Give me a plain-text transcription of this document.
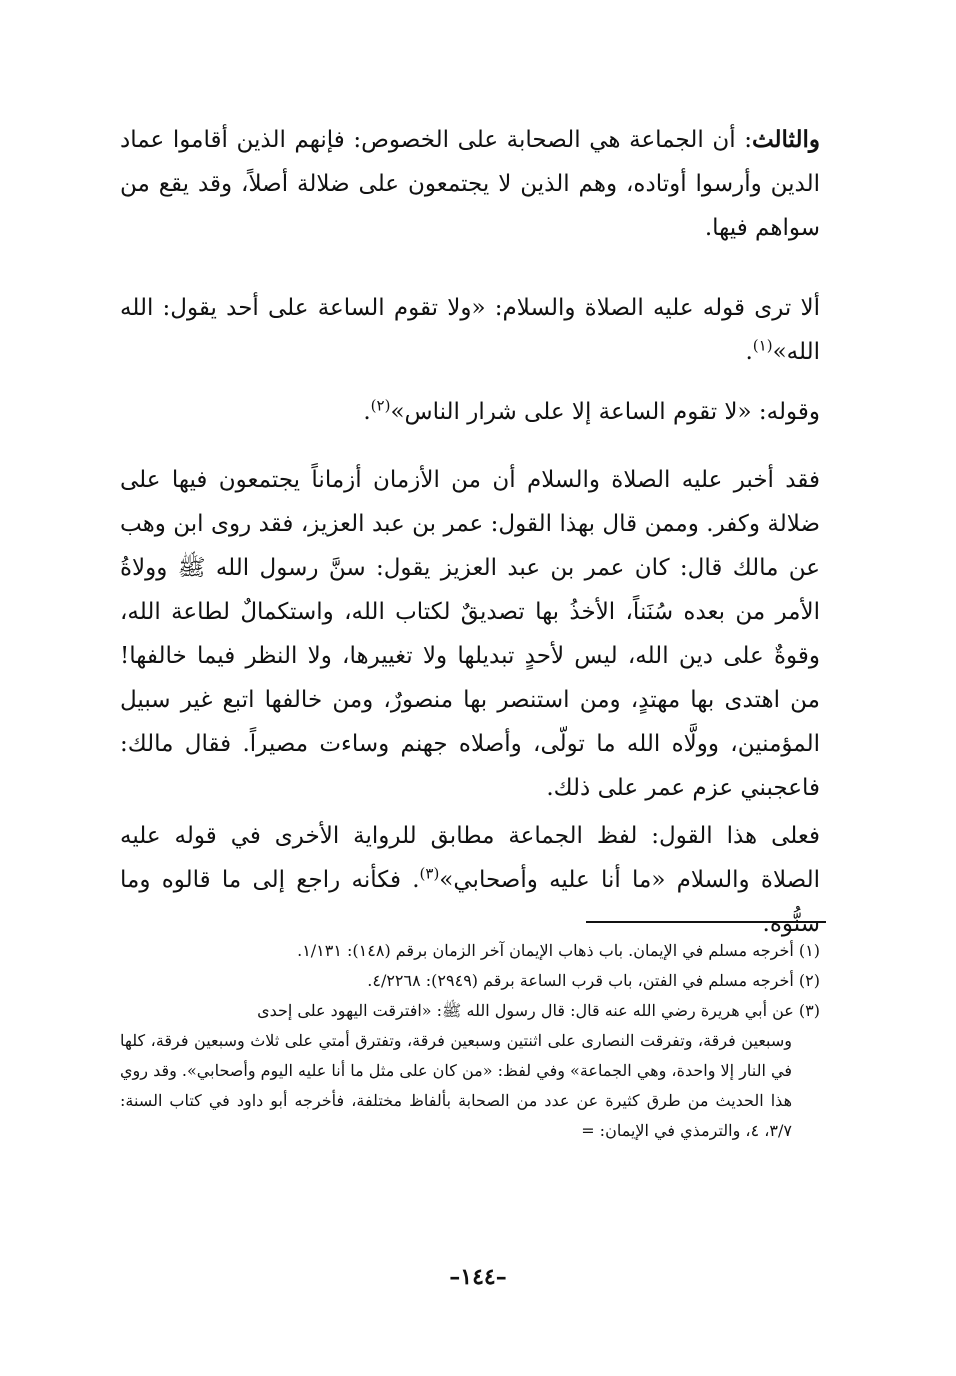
والثالث: أن الجماعة هي الصحابة على الخصوص: فإنهم الذين أقاموا عماد الدين وأرسوا أوتاده، وهم الذين لا يجتمعون على ضلالة أصلاً، وقد يقع من سواهم فيها.

ألا ترى قوله عليه الصلاة والسلام: «ولا تقوم الساعة على أحد يقول: الله الله»$^{(١)}$.

وقوله: «لا تقوم الساعة إلا على شرار الناس»$^{(٢)}$.

فقد أخبر عليه الصلاة والسلام أن من الأزمان أزماناً يجتمعون فيها على ضلالة وكفر. وممن قال بهذا القول: عمر بن عبد العزيز، فقد روى ابن وهب عن مالك قال: كان عمر بن عبد العزيز يقول: سنَّ رسول الله ﷺ وولاةُ الأمر من بعده سُنَناً، الأخذُ بها تصديقٌ لكتاب الله، واستكمالٌ لطاعة الله، وقوةٌ على دين الله، ليس لأحدٍ تبديلها ولا تغييرها، ولا النظر فيما خالفها! من اهتدى بها مهتدٍ، ومن استنصر بها منصورٌ، ومن خالفها اتبع غير سبيل المؤمنين، وولَّاه الله ما تولّى، وأصلاه جهنم وساءت مصيراً. فقال مالك: فاعجبني عزم عمر على ذلك.

فعلى هذا القول: لفظ الجماعة مطابق للرواية الأخرى في قوله عليه الصلاة والسلام «ما أنا عليه وأصحابي»$^{(٣)}$. فكأنه راجع إلى ما قالوه وما سنُّوه.

(١) أخرجه مسلم في الإيمان. باب ذهاب الإيمان آخر الزمان برقم (١٤٨): ١/١٣١.

(٢) أخرجه مسلم في الفتن، باب قرب الساعة برقم (٢٩٤٩): ٤/٢٢٦٨.

(٣) عن أبي هريرة رضي الله عنه قال: قال رسول الله ﷺ: «افترقت اليهود على إحدى

وسبعين فرقة، وتفرقت النصارى على اثنتين وسبعين فرقة، وتفترق أمتي على ثلاث وسبعين فرقة، كلها في النار إلا واحدة، وهي الجماعة» وفي لفظ: «من كان على مثل ما أنا عليه اليوم وأصحابي». وقد روي هذا الحديث من طرق كثيرة عن عدد من الصحابة بألفاظ مختلفة، فأخرجه أبو داود في كتاب السنة: ٣/٧، ٤، والترمذي في الإيمان: =

–١٤٤–
